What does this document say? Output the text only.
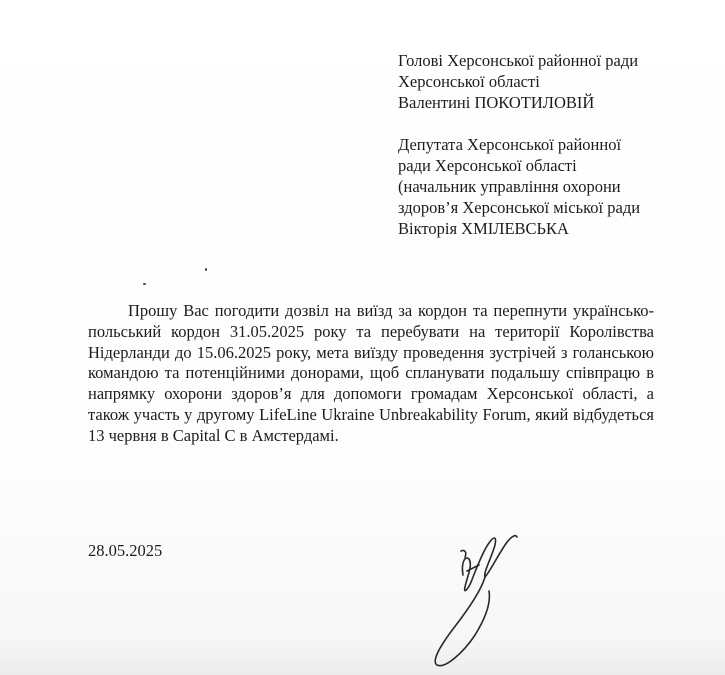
Голові Херсонської районної ради
Херсонської області
Валентині ПОКОТИЛОВІЙ
Депутата Херсонської районної
ради Херсонської області
(начальник управління охорони
здоров’я Херсонської міської ради
Вікторія ХМІЛЕВСЬКА

Прошу Вас погодити дозвіл на виїзд за кордон та перепнути українсько-польський кордон 31.05.2025 року та перебувати на території Королівства Нідерланди до 15.06.2025 року, мета виїзду проведення зустрічей з голанською командою та потенційними донорами, щоб спланувати подальшу співпрацю в напрямку охорони здоров’я для допомоги громадам Херсонської області, а також участь у другому LifeLine Ukraine Unbreakability Forum, який відбудеться 13 червня в Capital C в Амстердамі.

28.05.2025
